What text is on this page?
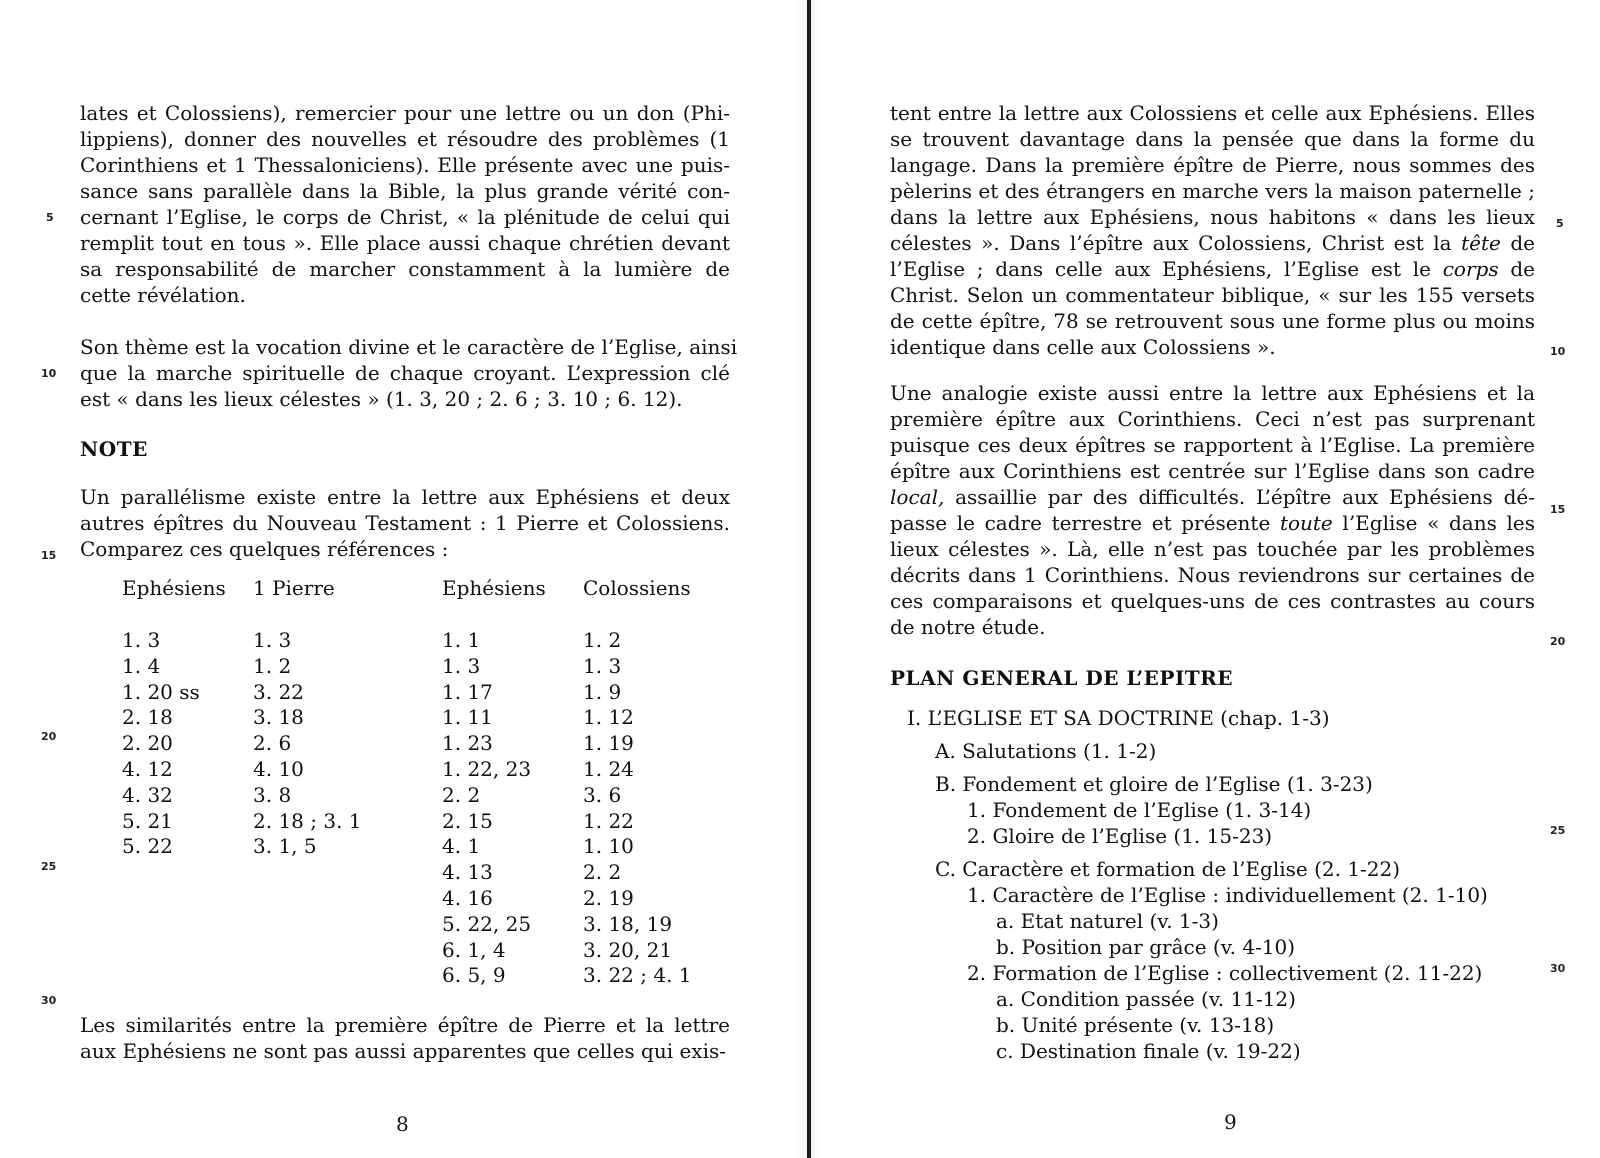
lates et Colossiens), remercier pour une lettre ou un don (Phi-
lippiens), donner des nouvelles et résoudre des problèmes (1
Corinthiens et 1 Thessaloniciens). Elle présente avec une puis-
sance sans parallèle dans la Bible, la plus grande vérité con-
cernant l’Eglise, le corps de Christ, « la plénitude de celui qui
remplit tout en tous ». Elle place aussi chaque chrétien devant
sa responsabilité de marcher constamment à la lumière de
cette révélation.
Son thème est la vocation divine et le caractère de l’Eglise, ainsi
que la marche spirituelle de chaque croyant. L’expression clé
est « dans les lieux célestes » (1. 3, 20 ; 2. 6 ; 3. 10 ; 6. 12).
NOTE
Un parallélisme existe entre la lettre aux Ephésiens et deux
autres épîtres du Nouveau Testament : 1 Pierre et Colossiens.
Comparez ces quelques références :
Ephésiens
1. 3
1. 4
1. 20 ss
2. 18
2. 20
4. 12
4. 32
5. 21
5. 22
1 Pierre
1. 3
1. 2
3. 22
3. 18
2. 6
4. 10
3. 8
2. 18 ; 3. 1
3. 1, 5
Ephésiens
1. 1
1. 3
1. 17
1. 11
1. 23
1. 22, 23
2. 2
2. 15
4. 1
4. 13
4. 16
5. 22, 25
6. 1, 4
6. 5, 9
Colossiens
1. 2
1. 3
1. 9
1. 12
1. 19
1. 24
3. 6
1. 22
1. 10
2. 2
2. 19
3. 18, 19
3. 20, 21
3. 22 ; 4. 1
Les similarités entre la première épître de Pierre et la lettre
aux Ephésiens ne sont pas aussi apparentes que celles qui exis-
5
10
15
20
25
30
8
tent entre la lettre aux Colossiens et celle aux Ephésiens. Elles
se trouvent davantage dans la pensée que dans la forme du
langage. Dans la première épître de Pierre, nous sommes des
pèlerins et des étrangers en marche vers la maison paternelle ;
dans la lettre aux Ephésiens, nous habitons « dans les lieux
célestes ». Dans l’épître aux Colossiens, Christ est la tête de
l’Eglise ; dans celle aux Ephésiens, l’Eglise est le corps de
Christ. Selon un commentateur biblique, « sur les 155 versets
de cette épître, 78 se retrouvent sous une forme plus ou moins
identique dans celle aux Colossiens ».
Une analogie existe aussi entre la lettre aux Ephésiens et la
première épître aux Corinthiens. Ceci n’est pas surprenant
puisque ces deux épîtres se rapportent à l’Eglise. La première
épître aux Corinthiens est centrée sur l’Eglise dans son cadre
local, assaillie par des difficultés. L’épître aux Ephésiens dé-
passe le cadre terrestre et présente toute l’Eglise « dans les
lieux célestes ». Là, elle n’est pas touchée par les problèmes
décrits dans 1 Corinthiens. Nous reviendrons sur certaines de
ces comparaisons et quelques-uns de ces contrastes au cours
de notre étude.
PLAN GENERAL DE L’EPITRE
I. L’EGLISE ET SA DOCTRINE (chap. 1-3)
A. Salutations (1. 1-2)
B. Fondement et gloire de l’Eglise (1. 3-23)
1. Fondement de l’Eglise (1. 3-14)
2. Gloire de l’Eglise (1. 15-23)
C. Caractère et formation de l’Eglise (2. 1-22)
1. Caractère de l’Eglise : individuellement (2. 1-10)
a. Etat naturel (v. 1-3)
b. Position par grâce (v. 4-10)
2. Formation de l’Eglise : collectivement (2. 11-22)
a. Condition passée (v. 11-12)
b. Unité présente (v. 13-18)
c. Destination finale (v. 19-22)
5
10
15
20
25
30
9
